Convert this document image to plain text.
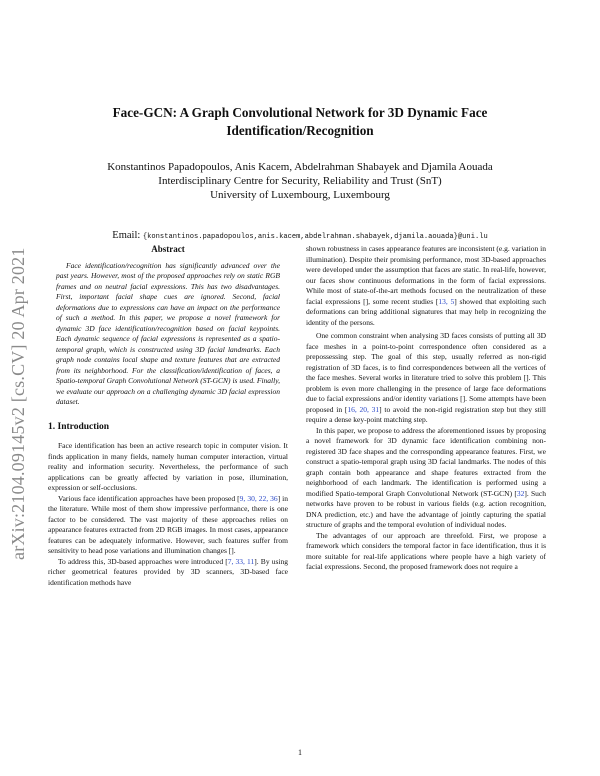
arXiv:2104.09145v2 [cs.CV] 20 Apr 2021
Face-GCN: A Graph Convolutional Network for 3D Dynamic Face
Identification/Recognition
Konstantinos Papadopoulos, Anis Kacem, Abdelrahman Shabayek and Djamila Aouada
Interdisciplinary Centre for Security, Reliability and Trust (SnT)
University of Luxembourg, Luxembourg
Email: {konstantinos.papadopoulos,anis.kacem,abdelrahman.shabayek,djamila.aouada}@uni.lu
Abstract

Face identification/recognition has significantly advanced over the past years. However, most of the proposed approaches rely on static RGB frames and on neutral facial expressions. This has two disadvantages. First, important facial shape cues are ignored. Second, facial deformations due to expressions can have an impact on the performance of such a method. In this paper, we propose a novel framework for dynamic 3D face identification/recognition based on facial keypoints. Each dynamic sequence of facial expressions is represented as a spatio-temporal graph, which is constructed using 3D facial landmarks. Each graph node contains local shape and texture features that are extracted from its neighborhood. For the classification/identification of faces, a Spatio-temporal Graph Convolutional Network (ST-GCN) is used. Finally, we evaluate our approach on a challenging dynamic 3D facial expression dataset.

1. Introduction

Face identification has been an active research topic in computer vision. It finds application in many fields, namely human computer interaction, virtual reality and information security. Nevertheless, the performance of such applications can be greatly affected by variation in pose, illumination, expression or self-occlusions.

Various face identification approaches have been proposed [9, 30, 22, 36] in the literature. While most of them show impressive performance, there is one factor to be considered. The vast majority of these approaches relies on appearance features extracted from 2D RGB images. In most cases, appearance features can be adequately informative. However, such features suffer from sensitivity to head pose variations and illumination changes [].

To address this, 3D-based approaches were introduced [7, 33, 11]. By using richer geometrical features provided by 3D scanners, 3D-based face identification methods have

shown robustness in cases appearance features are inconsistent (e.g. variation in illumination). Despite their promising performance, most 3D-based approaches were developed under the assumption that faces are static. In real-life, however, our faces show continuous deformations in the form of facial expressions. While most of state-of-the-art methods focused on the neutralization of these facial expressions [], some recent studies [13, 5] showed that exploiting such deformations can bring additional signatures that may help in recognizing the identity of the persons.

One common constraint when analysing 3D faces consists of putting all 3D face meshes in a point-to-point correspondence often considered as a prepossessing step. The goal of this step, usually referred as non-rigid registration of 3D faces, is to find correspondences between all the vertices of the face meshes. Several works in literature tried to solve this problem []. This problem is even more challenging in the presence of large face deformations due to facial expressions and/or identity variations []. Some attempts have been proposed in [16, 20, 31] to avoid the non-rigid registration step but they still require a dense key-point matching step.

In this paper, we propose to address the aforementioned issues by proposing a novel framework for 3D dynamic face identification combining non-registered 3D face shapes and the corresponding appearance features. First, we construct a spatio-temporal graph using 3D facial landmarks. The nodes of this graph contain both appearance and shape features extracted from the neighborhood of each landmark. The identification is performed using a modified Spatio-temporal Graph Convolutional Network (ST-GCN) [32]. Such networks have proven to be robust in various fields (e.g. action recognition, DNA prediction, etc.) and have the advantage of jointly capturing the spatial structure of graphs and the temporal evolution of individual nodes.

The advantages of our approach are threefold. First, we propose a framework which considers the temporal factor in face identification, thus it is more suitable for real-life applications where people have a high variety of facial expressions. Second, the proposed framework does not require a

1
